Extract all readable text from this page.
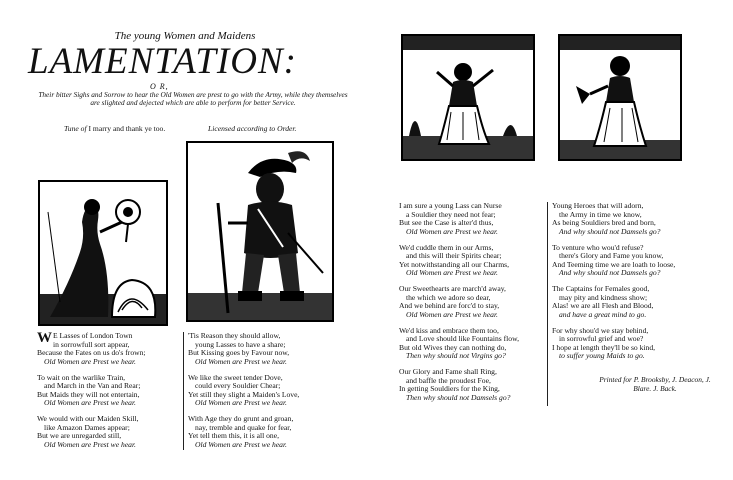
The young Women and Maidens
LAMENTATION:
O R,
Their bitter Sighs and Sorrow to hear the Old Women are prest to go with the Army, while they themselves are slighted and dejected which are able to perform for better Service.
Tune of I marry and thank ye too.	Licensed according to Order.
W E Lasses of London Town

in sorrowfull sort appear,

Because the Fates on us do's frown;

Old Women are Prest we hear.

To wait on the warlike Train,

and March in the Van and Rear;

But Maids they will not entertain,

Old Women are Prest we hear.

We would with our Maiden Skill,

like Amazon Dames appear;

But we are unregarded still,

Old Women are Prest we hear.

'Tis Reason they should allow,

young Lasses to have a share;

But Kissing goes by Favour now,

Old Women are Prest we hear.

We like the sweet tender Dove,

could every Souldier Chear;

Yet still they slight a Maiden's Love,

Old Women are Prest we hear.

With Age they do grunt and groan,

nay, tremble and quake for fear,

Yet tell them this, it is all one,

Old Women are Prest we hear.

I am sure a young Lass can Nurse

a Souldier they need not fear;

But see the Case is alter'd thus,

Old Women are Prest we hear.

We'd cuddle them in our Arms,

and this will their Spirits chear;

Yet notwithstanding all our Charms,

Old Women are Prest we hear.

Our Sweethearts are march'd away,

the which we adore so dear,

And we behind are forc'd to stay,

Old Women are Prest we hear.

We'd kiss and embrace them too,

and Love should like Fountains flow,

But old Wives they can nothing do,

Then why should not Virgins go?

Our Glory and Fame shall Ring,

and baffle the proudest Foe,

In getting Souldiers for the King,

Then why should not Damsels go?

Young Heroes that will adorn,

the Army in time we know,

As being Souldiers bred and born,

And why should not Damsels go?

To venture who wou'd refuse?

there's Glory and Fame you know,

And Teeming time we are loath to loose,

And why should not Damsels go?

The Captains for Females good,

may pity and kindness show;

Alas! we are all Flesh and Blood,

and have a great mind to go.

For why shou'd we stay behind,

in sorrowful grief and woe?

I hope at length they'll be so kind,

to suffer young Maids to go.

Printed for P. Brooksby, J. Deacon, J.
Blare. J. Back.
